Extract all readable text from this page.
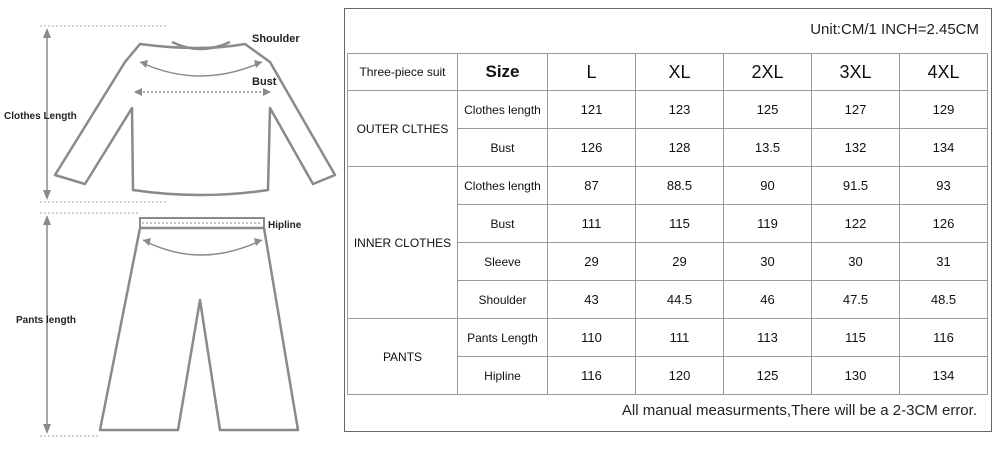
Shoulder
Bust
Clothes Length
Hipline
Pants length
Unit:CM/1 INCH=2.45CM
Three-piece suit	Size	L	XL	2XL	3XL	4XL
OUTER CLTHES	Clothes length	121	123	125	127	129
	Bust	126	128	13.5	132	134
INNER CLOTHES	Clothes length	87	88.5	90	91.5	93
	Bust	111	115	119	122	126
	Sleeve	29	29	30	30	31
	Shoulder	43	44.5	46	47.5	48.5
PANTS	Pants Length	110	111	113	115	116
	Hipline	116	120	125	130	134
All manual measurments,There will be a 2-3CM error.
